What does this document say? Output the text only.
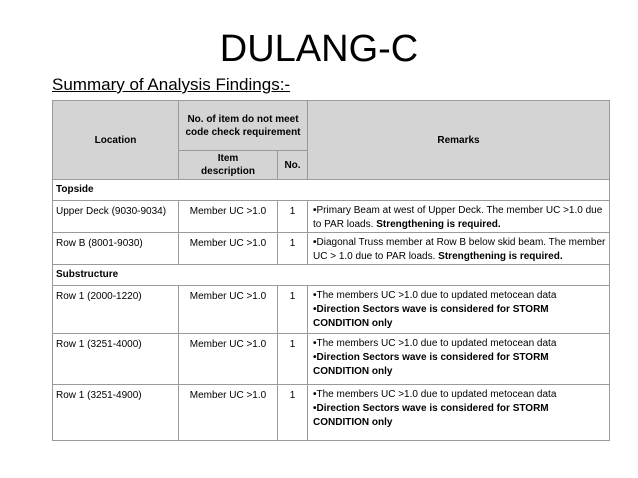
DULANG-C
Summary of Analysis Findings:-
Location	No. of item do not meet code check requirement		Remarks
	Item description	No.	
Topside			
Upper Deck (9030-9034)	Member UC >1.0	1	•Primary Beam at west of Upper Deck. The member UC >1.0 due to PAR loads. Strengthening is required.
Row B (8001-9030)	Member UC >1.0	1	•Diagonal Truss member at Row B below skid beam. The member UC > 1.0 due to PAR loads. Strengthening is required.
Substructure			
Row 1 (2000-1220)	Member UC >1.0	1	•The members UC >1.0 due to updated metocean data
•Direction Sectors wave is considered for STORM CONDITION only

Row 1 (3251-4000)	Member UC >1.0	1	•The members UC >1.0 due to updated metocean data
•Direction Sectors wave is considered for STORM CONDITION only

Row 1 (3251-4900)	Member UC >1.0	1	•The members UC >1.0 due to updated metocean data
•Direction Sectors wave is considered for STORM CONDITION only
